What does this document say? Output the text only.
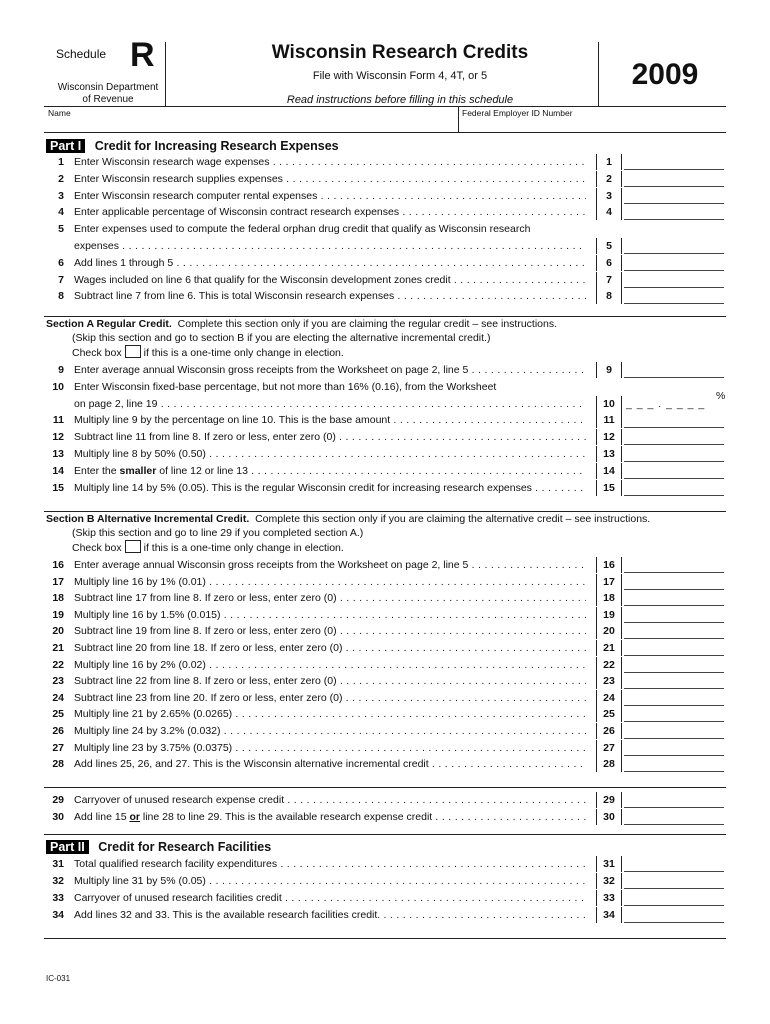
Schedule R
Wisconsin Department
of Revenue
Wisconsin Research Credits
File with Wisconsin Form 4, 4T, or 5
Read instructions before filling in this schedule
2009
Name	Federal Employer ID Number
Part I Credit for Increasing Research Expenses
1 Enter Wisconsin research wage expenses . . .	1
2 Enter Wisconsin research supplies expenses . . .	2
3 Enter Wisconsin research computer rental expenses . . .	3
4 Enter applicable percentage of Wisconsin contract research expenses . . .	4
5 Enter expenses used to compute the federal orphan drug credit that qualify as Wisconsin research
expenses . . .	5
6 Add lines 1 through 5 . . .	6
7 Wages included on line 6 that qualify for the Wisconsin development zones credit . . .	7
8 Subtract line 7 from line 6. This is total Wisconsin research expenses . . .	8
Section A Regular Credit. Complete this section only if you are claiming the regular credit – see instructions.
(Skip this section and go to section B if you are electing the alternative incremental credit.)
Check box if this is a one-time only change in election.
9 Enter average annual Wisconsin gross receipts from the Worksheet on page 2, line 5 . . .	9
10 Enter Wisconsin fixed-base percentage, but not more than 16% (0.16), from the Worksheet
on page 2, line 19 . . .	10	_ _ _ . _ _ _ _
%
11 Multiply line 9 by the percentage on line 10. This is the base amount . . .	11
12 Subtract line 11 from line 8. If zero or less, enter zero (0) . . .	12
13 Multiply line 8 by 50% (0.50) . . .	13
14 Enter the smaller of line 12 or line 13 . . .	14
15 Multiply line 14 by 5% (0.05). This is the regular Wisconsin credit for increasing research expenses . . .	15
Section B Alternative Incremental Credit. Complete this section only if you are claiming the alternative credit – see instructions.
(Skip this section and go to line 29 if you completed section A.)
Check box if this is a one-time only change in election.
16 Enter average annual Wisconsin gross receipts from the Worksheet on page 2, line 5 . . .	16
17 Multiply line 16 by 1% (0.01) . . .	17
18 Subtract line 17 from line 8. If zero or less, enter zero (0) . . .	18
19 Multiply line 16 by 1.5% (0.015) . . .	19
20 Subtract line 19 from line 8. If zero or less, enter zero (0) . . .	20
21 Subtract line 20 from line 18. If zero or less, enter zero (0) . . .	21
22 Multiply line 16 by 2% (0.02) . . .	22
23 Subtract line 22 from line 8. If zero or less, enter zero (0) . . .	23
24 Subtract line 23 from line 20. If zero or less, enter zero (0) . . .	24
25 Multiply line 21 by 2.65% (0.0265) . . .	25
26 Multiply line 24 by 3.2% (0.032) . . .	26
27 Multiply line 23 by 3.75% (0.0375) . . .	27
28 Add lines 25, 26, and 27. This is the Wisconsin alternative incremental credit . . .	28
29 Carryover of unused research expense credit . . .	29
30 Add line 15 or line 28 to line 29. This is the available research expense credit . . .	30
Part II Credit for Research Facilities
31 Total qualified research facility expenditures . . .	31
32 Multiply line 31 by 5% (0.05) . . .	32
33 Carryover of unused research facilities credit . . .	33
34 Add lines 32 and 33. This is the available research facilities credit. . . .	34
IC-031
